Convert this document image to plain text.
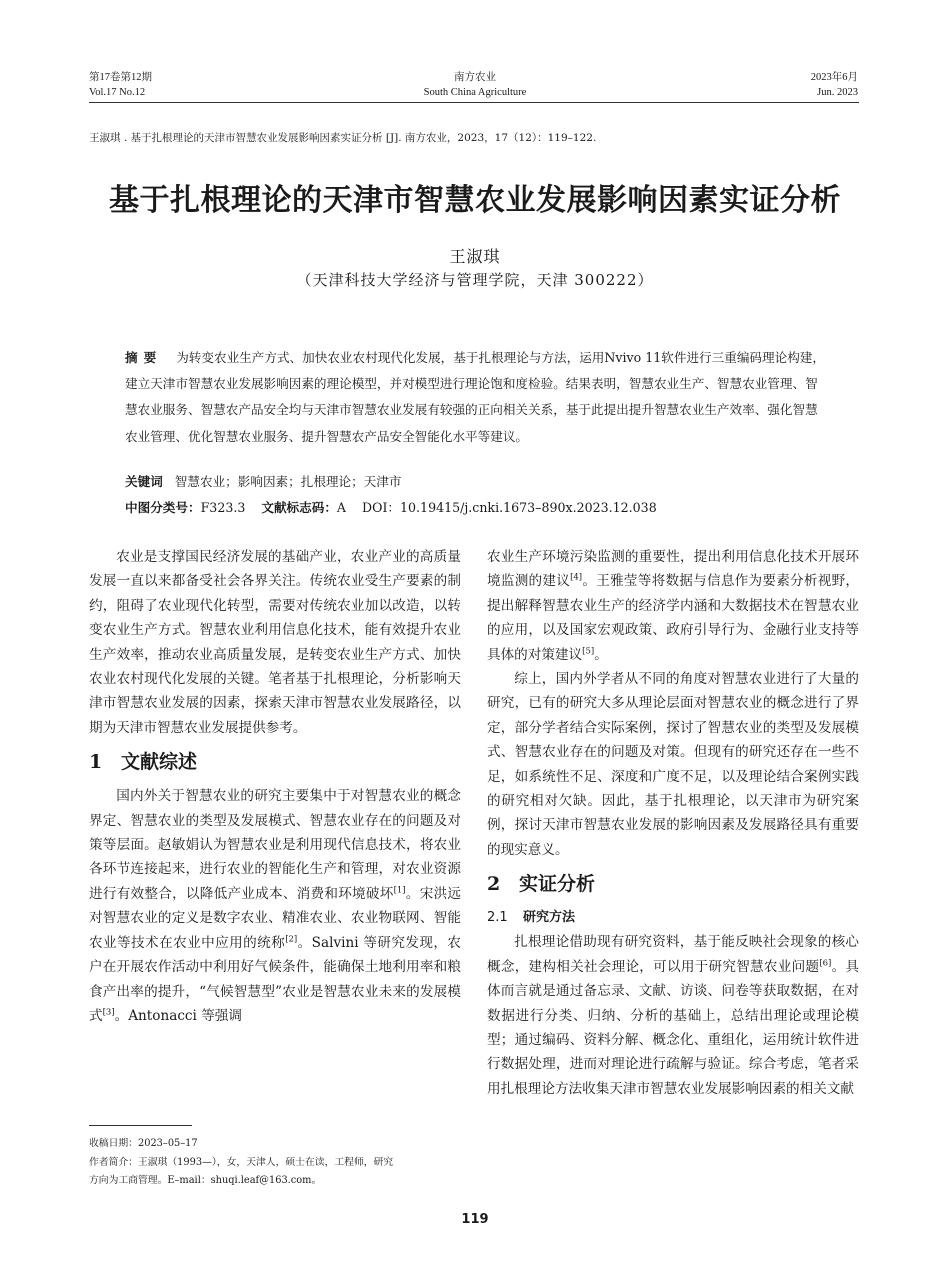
第17卷第12期
Vol.17 No.12
南方农业
South China Agriculture
2023年6月
Jun. 2023
王淑琪 . 基于扎根理论的天津市智慧农业发展影响因素实证分析 [J]. 南方农业，2023，17（12）：119–122.
基于扎根理论的天津市智慧农业发展影响因素实证分析
王淑琪
（天津科技大学经济与管理学院，天津 300222）
摘要 为转变农业生产方式、加快农业农村现代化发展，基于扎根理论与方法，运用Nvivo 11软件进行三重编码理论构建，建立天津市智慧农业发展影响因素的理论模型，并对模型进行理论饱和度检验。结果表明，智慧农业生产、智慧农业管理、智慧农业服务、智慧农产品安全均与天津市智慧农业发展有较强的正向相关关系，基于此提出提升智慧农业生产效率、强化智慧农业管理、优化智慧农业服务、提升智慧农产品安全智能化水平等建议。
关键词 智慧农业；影响因素；扎根理论；天津市
中图分类号：F323.3 文献标志码：A DOI：10.19415/j.cnki.1673–890x.2023.12.038

农业是支撑国民经济发展的基础产业，农业产业的高质量发展一直以来都备受社会各界关注。传统农业受生产要素的制约，阻碍了农业现代化转型，需要对传统农业加以改造，以转变农业生产方式。智慧农业利用信息化技术，能有效提升农业生产效率，推动农业高质量发展，是转变农业生产方式、加快农业农村现代化发展的关键。笔者基于扎根理论，分析影响天津市智慧农业发展的因素，探索天津市智慧农业发展路径，以期为天津市智慧农业发展提供参考。

1 文献综述

国内外关于智慧农业的研究主要集中于对智慧农业的概念界定、智慧农业的类型及发展模式、智慧农业存在的问题及对策等层面。赵敏娟认为智慧农业是利用现代信息技术，将农业各环节连接起来，进行农业的智能化生产和管理，对农业资源进行有效整合，以降低产业成本、消费和环境破坏[1]。宋洪远对智慧农业的定义是数字农业、精准农业、农业物联网、智能农业等技术在农业中应用的统称[2]。Salvini 等研究发现，农户在开展农作活动中利用好气候条件，能确保土地利用率和粮食产出率的提升，“气候智慧型”农业是智慧农业未来的发展模式[3]。Antonacci 等强调

农业生产环境污染监测的重要性，提出利用信息化技术开展环境监测的建议[4]。王雅莹等将数据与信息作为要素分析视野，提出解释智慧农业生产的经济学内涵和大数据技术在智慧农业的应用，以及国家宏观政策、政府引导行为、金融行业支持等具体的对策建议[5]。

综上，国内外学者从不同的角度对智慧农业进行了大量的研究，已有的研究大多从理论层面对智慧农业的概念进行了界定，部分学者结合实际案例，探讨了智慧农业的类型及发展模式、智慧农业存在的问题及对策。但现有的研究还存在一些不足，如系统性不足、深度和广度不足，以及理论结合案例实践的研究相对欠缺。因此，基于扎根理论，以天津市为研究案例，探讨天津市智慧农业发展的影响因素及发展路径具有重要的现实意义。

2 实证分析
2.1 研究方法

扎根理论借助现有研究资料，基于能反映社会现象的核心概念，建构相关社会理论，可以用于研究智慧农业问题[6]。具体而言就是通过备忘录、文献、访谈、问卷等获取数据，在对数据进行分类、归纳、分析的基础上，总结出理论或理论模型；通过编码、资料分解、概念化、重组化，运用统计软件进行数据处理，进而对理论进行疏解与验证。综合考虑，笔者采用扎根理论方法收集天津市智慧农业发展影响因素的相关文献

收稿日期：2023–05–17
作者简介：王淑琪（1993—），女，天津人，硕士在读，工程师，研究
方向为工商管理。E–mail：shuqi.leaf@163.com。
119
